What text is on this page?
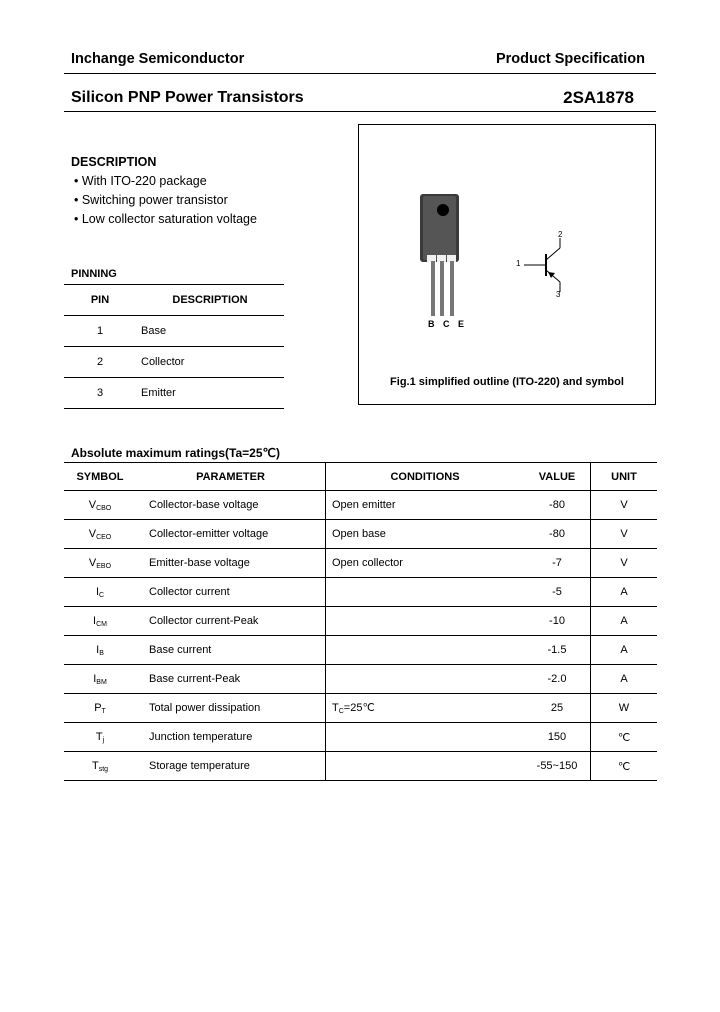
Inchange Semiconductor	Product Specification
Silicon PNP Power Transistors	2SA1878
DESCRIPTION
• With ITO-220 package
• Switching power transistor
• Low collector saturation voltage
PINNING
PIN	DESCRIPTION
1	Base
2	Collector
3	Emitter
B C E
1
2
3
Fig.1 simplified outline (ITO-220) and symbol
Absolute maximum ratings(Ta=25℃)
SYMBOL	PARAMETER	CONDITIONS	VALUE	UNIT
$V_{CBO}$	Collector-base voltage	Open emitter	-80	V
$V_{CEO}$	Collector-emitter voltage	Open base	-80	V
$V_{EBO}$	Emitter-base voltage	Open collector	-7	V
$I_C$	Collector current		-5	A
$I_{CM}$	Collector current-Peak		-10	A
$I_B$	Base current		-1.5	A
$I_{BM}$	Base current-Peak		-2.0	A
$P_T$	Total power dissipation	$T_C=25℃$	25	W
$T_j$	Junction temperature		150	℃
$T_{stg}$	Storage temperature		-55~150	℃
